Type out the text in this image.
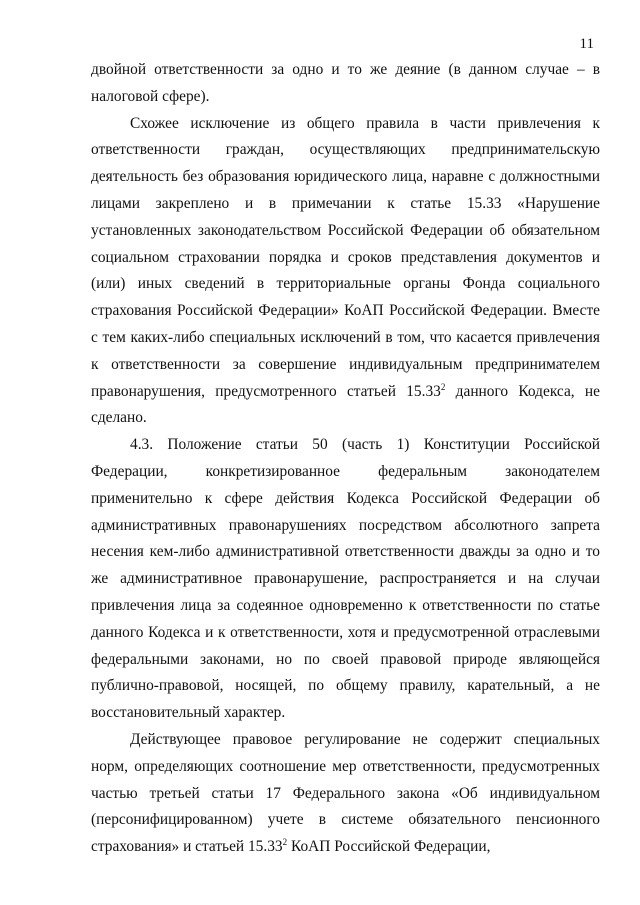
11

двойной ответственности за одно и то же деяние (в данном случае – в налоговой сфере).

Схожее исключение из общего правила в части привлечения к ответственности граждан, осуществляющих предпринимательскую деятельность без образования юридического лица, наравне с должностными лицами закреплено и в примечании к статье 15.33 «Нарушение установленных законодательством Российской Федерации об обязательном социальном страховании порядка и сроков представления документов и (или) иных сведений в территориальные органы Фонда социального страхования Российской Федерации» КоАП Российской Федерации. Вместе с тем каких-либо специальных исключений в том, что касается привлечения к ответственности за совершение индивидуальным предпринимателем правонарушения, предусмотренного статьей 15.33$^2$ данного Кодекса, не сделано.

4.3. Положение статьи 50 (часть 1) Конституции Российской Федерации, конкретизированное федеральным законодателем применительно к сфере действия Кодекса Российской Федерации об административных правонарушениях посредством абсолютного запрета несения кем-либо административной ответственности дважды за одно и то же административное правонарушение, распространяется и на случаи привлечения лица за содеянное одновременно к ответственности по статье данного Кодекса и к ответственности, хотя и предусмотренной отраслевыми федеральными законами, но по своей правовой природе являющейся публично-правовой, носящей, по общему правилу, карательный, а не восстановительный характер.

Действующее правовое регулирование не содержит специальных норм, определяющих соотношение мер ответственности, предусмотренных частью третьей статьи 17 Федерального закона «Об индивидуальном (персонифицированном) учете в системе обязательного пенсионного страхования» и статьей 15.33$^2$ КоАП Российской Федерации,
